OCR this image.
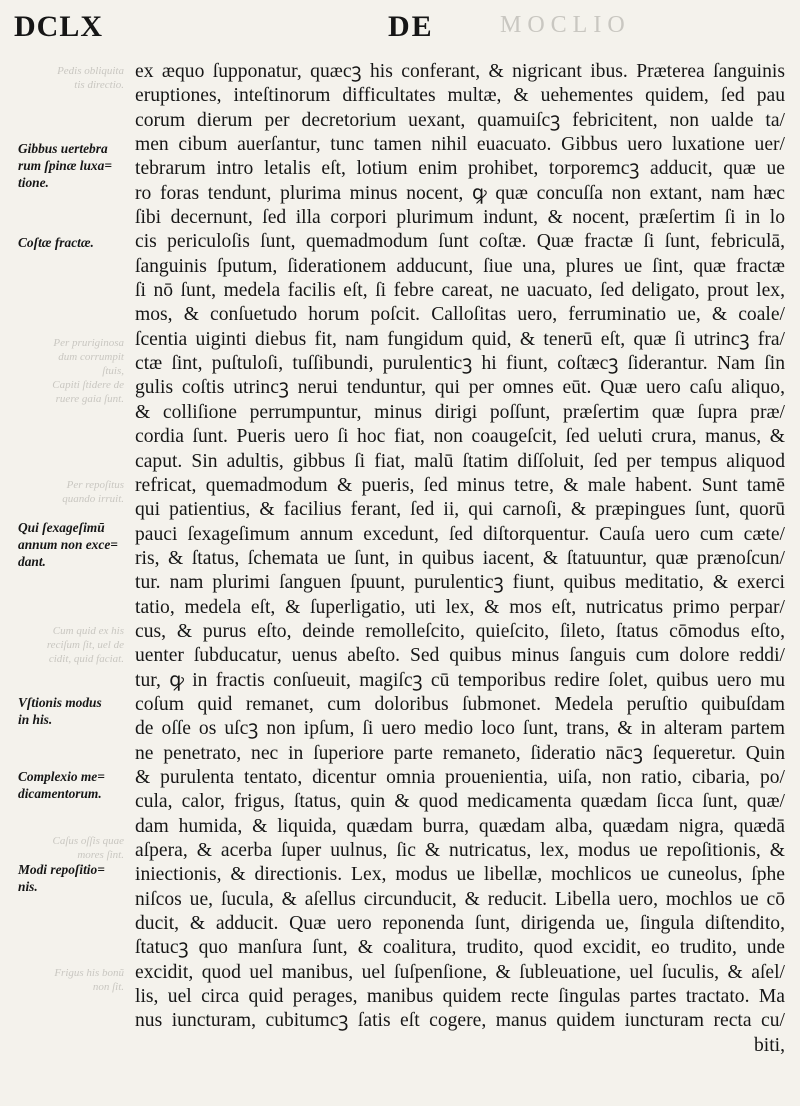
MOCLIO
DCLX	DE
Pedis obliquita
tis directio.
Per pruriginosa
dum corrumpit
ſtuis,
Capiti ſtidere de
ruere gaia ſunt.
Per repoſitus
quando irruit.
Cum quid ex his
reciſum ſit, uel de
cidit, quid faciat.
Caſus oſſis quae
mores ſint.
Frigus his bonũ
non ſit.
Gibbus uertebra
rum ſpinæ luxa=
tione.
Coſtæ fractæ.
Qui ſexageſimū
annum non exce=
dant.
Vſtionis modus
in his.
Complexio me=
dicamentorum.
Modi repoſitio=
nis.
ex æquo ſupponatur, quæcꝫ his conferant, & nigricant ibus. Præterea ſanguinis
eruptiones, inteſtinorum difficultates multæ, & uehementes quidem, ſed pau
corum dierum per decretorium uexant, quamuiſcꝫ febricitent, non ualde ta/
men cibum auerſantur, tunc tamen nihil euacuato. Gibbus uero luxatione uer/
tebrarum intro letalis eſt, lotium enim prohibet, torporemcꝫ adducit, quæ ue
ro foras tendunt, plurima minus nocent, ꝙ quæ concuſſa non extant, nam hæc
ſibi decernunt, ſed illa corpori plurimum indunt, & nocent, præſertim ſi in lo
cis periculoſis ſunt, quemadmodum ſunt coſtæ. Quæ fractæ ſi ſunt, febriculā,
ſanguinis ſputum, ſiderationem adducunt, ſiue una, plures ue ſint, quæ fractæ
ſi nō ſunt, medela facilis eſt, ſi febre careat, ne uacuato, ſed deligato, prout lex,
mos, & conſuetudo horum poſcit. Calloſitas uero, ferruminatio ue, & coale/
ſcentia uiginti diebus fit, nam fungidum quid, & tenerū eſt, quæ ſi utrincꝫ fra/
ctæ ſint, puſtuloſi, tuſſibundi, purulenticꝫ hi fiunt, coſtæcꝫ ſiderantur. Nam ſin
gulis coſtis utrincꝫ nerui tenduntur, qui per omnes eūt. Quæ uero caſu aliquo,
& colliſione perrumpuntur, minus dirigi poſſunt, præſertim quæ ſupra præ/
cordia ſunt. Pueris uero ſi hoc fiat, non coaugeſcit, ſed ueluti crura, manus, &
caput. Sin adultis, gibbus ſi fiat, malū ſtatim diſſoluit, ſed per tempus aliquod
refricat, quemadmodum & pueris, ſed minus tetre, & male habent. Sunt tamē
qui patientius, & facilius ferant, ſed ii, qui carnoſi, & præpingues ſunt, quorū
pauci ſexageſimum annum excedunt, ſed diſtorquentur. Cauſa uero cum cæte/
ris, & ſtatus, ſchemata ue ſunt, in quibus iacent, & ſtatuuntur, quæ prænoſcun/
tur. nam plurimi ſanguen ſpuunt, purulenticꝫ fiunt, quibus meditatio, & exerci
tatio, medela eſt, & ſuperligatio, uti lex, & mos eſt, nutricatus primo perpar/
cus, & purus eſto, deinde remolleſcito, quieſcito, ſileto, ſtatus cōmodus eſto,
uenter ſubducatur, uenus abeſto. Sed quibus minus ſanguis cum dolore reddi/
tur, ꝙ in fractis conſueuit, magiſcꝫ cū temporibus redire ſolet, quibus uero mu
coſum quid remanet, cum doloribus ſubmonet. Medela peruſtio quibuſdam
de oſſe os uſcꝫ non ipſum, ſi uero medio loco ſunt, trans, & in alteram partem
ne penetrato, nec in ſuperiore parte remaneto, ſideratio nācꝫ ſequeretur. Quin
& purulenta tentato, dicentur omnia prouenientia, uiſa, non ratio, cibaria, po/
cula, calor, frigus, ſtatus, quin & quod medicamenta quædam ſicca ſunt, quæ/
dam humida, & liquida, quædam burra, quædam alba, quædam nigra, quædā
aſpera, & acerba ſuper uulnus, ſic & nutricatus, lex, modus ue repoſitionis, &
iniectionis, & directionis. Lex, modus ue libellæ, mochlicos ue cuneolus, ſphe
niſcos ue, ſucula, & aſellus circunducit, & reducit. Libella uero, mochlos ue cō
ducit, & adducit. Quæ uero reponenda ſunt, dirigenda ue, ſingula diſtendito,
ſtatucꝫ quo manſura ſunt, & coalitura, trudito, quod excidit, eo trudito, unde
excidit, quod uel manibus, uel ſuſpenſione, & ſubleuatione, uel ſuculis, & aſel/
lis, uel circa quid perages, manibus quidem recte ſingulas partes tractato. Ma
nus iuncturam, cubitumcꝫ ſatis eſt cogere, manus quidem iuncturam recta cu/
biti,
